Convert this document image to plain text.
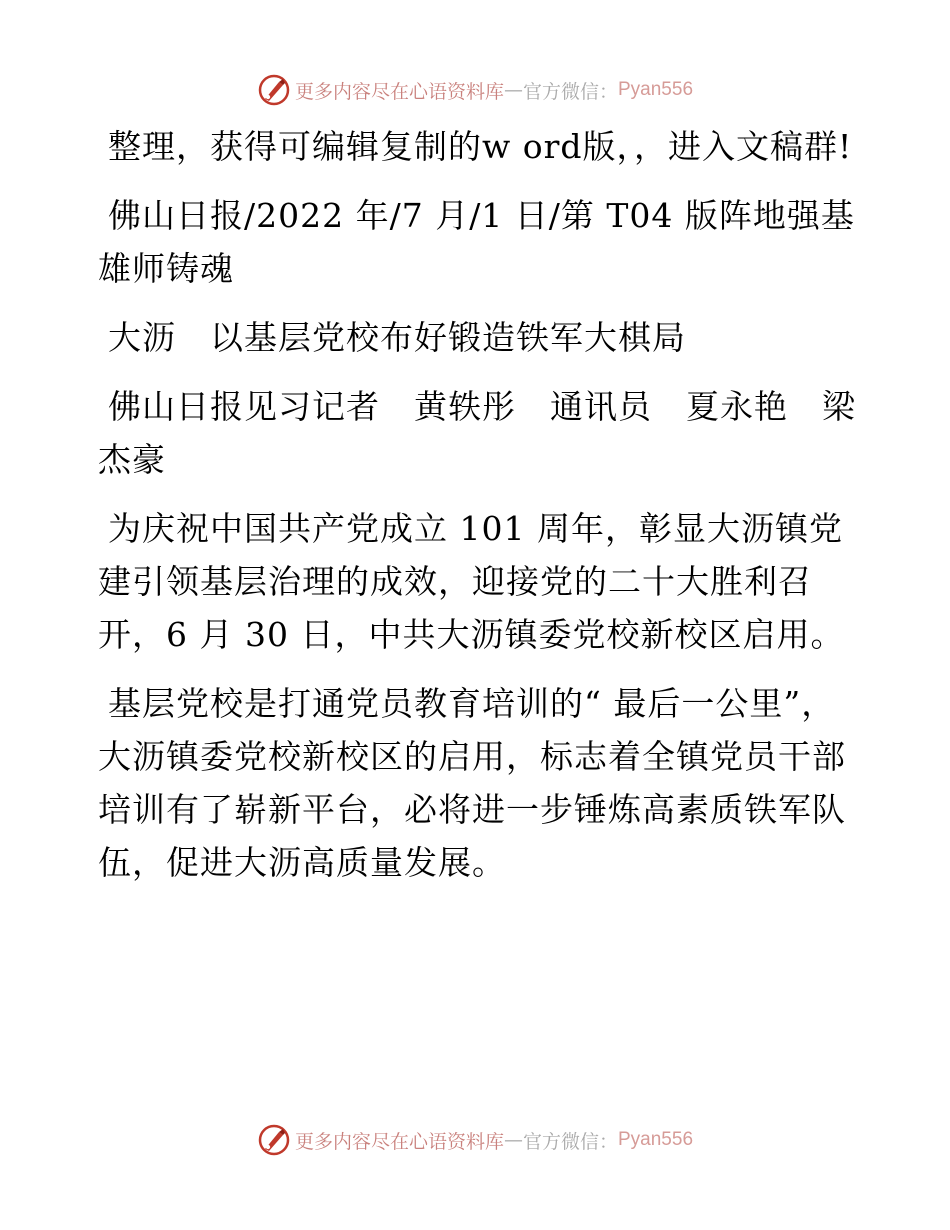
更多内容尽在心语资料库 — 官方微信： Pyan556

整理，获得可编辑复制的w ord版，，进入文稿群!

佛山日报/2022 年/7 月/1 日/第 T04 版阵地强基 雄师铸魂

大沥　以基层党校布好锻造铁军大棋局

佛山日报见习记者　黄轶彤　通讯员　夏永艳　梁杰豪

为庆祝中国共产党成立 101 周年，彰显大沥镇党建引领基层治理的成效，迎接党的二十大胜利召开，6 月 30 日，中共大沥镇委党校新校区启用。

基层党校是打通党员教育培训的“ 最后一公里”，大沥镇委党校新校区的启用，标志着全镇党员干部培训有了崭新平台，必将进一步锤炼高素质铁军队伍，促进大沥高质量发展。

更多内容尽在心语资料库 — 官方微信： Pyan556
